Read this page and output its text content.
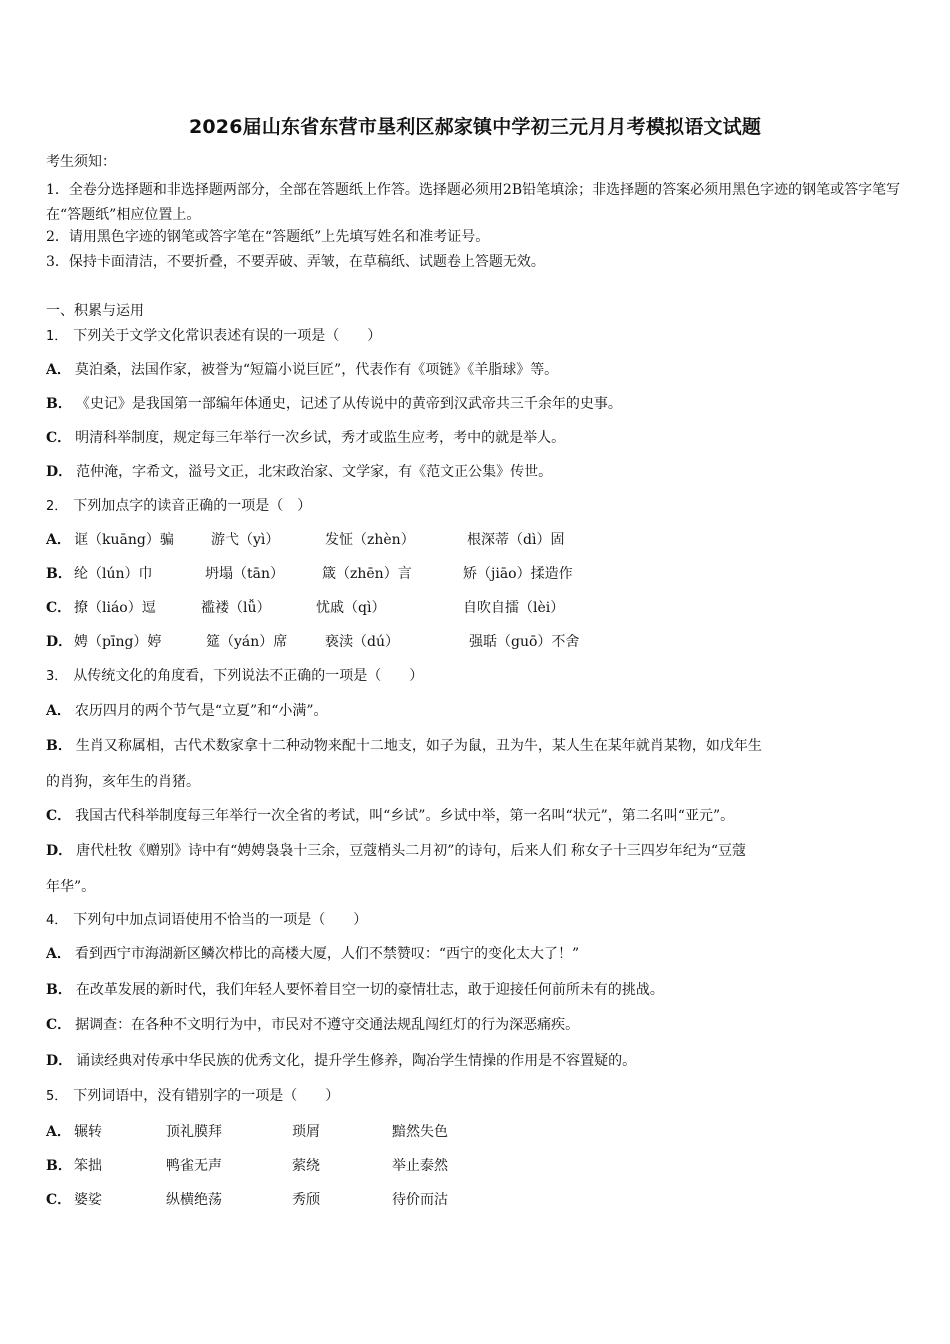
2026届山东省东营市垦利区郝家镇中学初三元月月考模拟语文试题
考生须知：
1．全卷分选择题和非选择题两部分，全部在答题纸上作答。选择题必须用2B铅笔填涂；非选择题的答案必须用黑色字迹的钢笔或答字笔写在“答题纸”相应位置上。
2．请用黑色字迹的钢笔或答字笔在“答题纸”上先填写姓名和准考证号。
3．保持卡面清洁，不要折叠，不要弄破、弄皱，在草稿纸、试题卷上答题无效。
一、积累与运用
1． 下列关于文学文化常识表述有误的一项是（　　）
A． 莫泊桑，法国作家，被誉为“短篇小说巨匠”，代表作有《项链》《羊脂球》等。
B． 《史记》是我国第一部编年体通史，记述了从传说中的黄帝到汉武帝共三千余年的史事。
C． 明清科举制度，规定每三年举行一次乡试，秀才或监生应考，考中的就是举人。
D． 范仲淹，字希文，溢号文正，北宋政治家、文学家，有《范文正公集》传世。
2． 下列加点字的读音正确的一项是（　）
A． 诓（kuāng）骗	游弋（yì）	发怔（zhèn）	根深蒂（dì）固
B． 纶（lún）巾	坍塌（tān）	箴（zhēn）言	矫（jiāo）揉造作
C． 撩（liáo）逗	褴褛（lǚ）	忧戚（qì）	自吹自擂（lèi）
D． 娉（pīng）婷	筵（yán）席	亵渎（dú）	强聒（guō）不舍
3． 从传统文化的角度看，下列说法不正确的一项是（　　）
A． 农历四月的两个节气是“立夏”和“小满”。
B． 生肖又称属相，古代术数家拿十二种动物来配十二地支，如子为鼠，丑为牛，某人生在某年就肖某物，如戊年生
的肖狗，亥年生的肖猪。
C． 我国古代科举制度每三年举行一次全省的考试，叫“乡试”。乡试中举，第一名叫“状元”，第二名叫“亚元”。
D． 唐代杜牧《赠别》诗中有“娉娉袅袅十三余，豆蔻梢头二月初”的诗句，后来人们 称女子十三四岁年纪为“豆蔻
年华”。
4． 下列句中加点词语使用不恰当的一项是（　　）
A． 看到西宁市海湖新区鳞次栉比的高楼大厦，人们不禁赞叹：“西宁的变化太大了！”
B． 在改革发展的新时代，我们年轻人要怀着目空一切的豪情壮志，敢于迎接任何前所未有的挑战。
C． 据调查：在各种不文明行为中，市民对不遵守交通法规乱闯红灯的行为深恶痛疾。
D． 诵读经典对传承中华民族的优秀文化，提升学生修养，陶冶学生情操的作用是不容置疑的。
5． 下列词语中，没有错别字的一项是（　　）
A． 辗转	顶礼膜拜	琐屑	黯然失色
B． 笨拙	鸭雀无声	萦绕	举止泰然
C． 婆娑	纵横绝荡	秀颀	待价而沽
